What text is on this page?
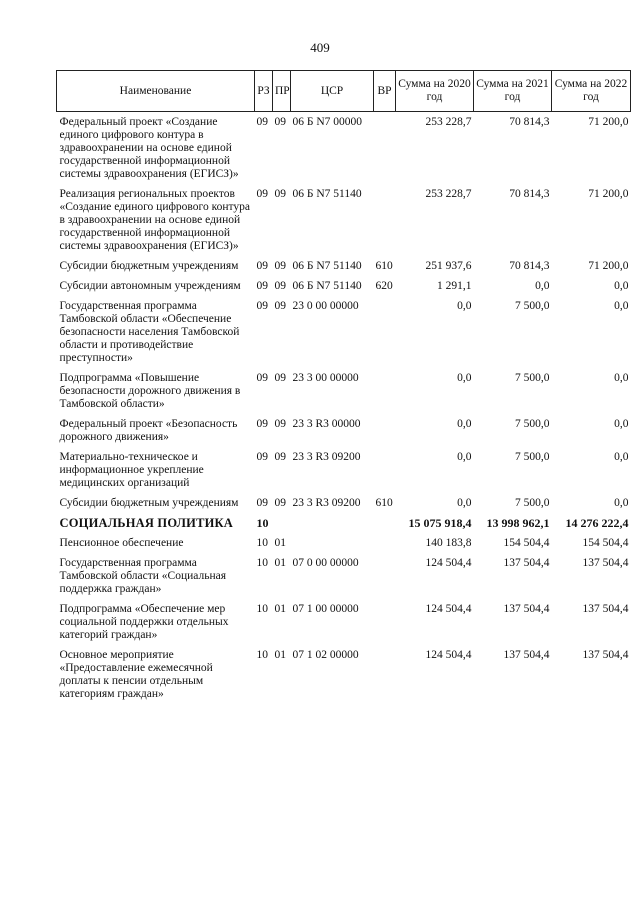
409
Наименование	РЗ	ПР	ЦСР	ВР	Сумма на 2020 год	Сумма на 2021 год	Сумма на 2022 год
Федеральный проект «Создание единого цифрового контура в здравоохранении на основе единой государственной информационной системы здравоохранения (ЕГИСЗ)»	09	09	06 Б N7 00000		253 228,7	70 814,3	71 200,0
Реализация региональных проектов «Создание единого цифрового контура в здравоохранении на основе единой государственной информационной системы здравоохранения (ЕГИСЗ)»	09	09	06 Б N7 51140		253 228,7	70 814,3	71 200,0
Субсидии бюджетным учреждениям	09	09	06 Б N7 51140	610	251 937,6	70 814,3	71 200,0
Субсидии автономным учреждениям	09	09	06 Б N7 51140	620	1 291,1	0,0	0,0
Государственная программа Тамбовской области «Обеспечение безопасности населения Тамбовской области и противодействие преступности»	09	09	23 0 00 00000		0,0	7 500,0	0,0
Подпрограмма «Повышение безопасности дорожного движения в Тамбовской области»	09	09	23 3 00 00000		0,0	7 500,0	0,0
Федеральный проект «Безопасность дорожного движения»	09	09	23 3 R3 00000		0,0	7 500,0	0,0
Материально-техническое и информационное укрепление медицинских организаций	09	09	23 3 R3 09200		0,0	7 500,0	0,0
Субсидии бюджетным учреждениям	09	09	23 3 R3 09200	610	0,0	7 500,0	0,0
СОЦИАЛЬНАЯ ПОЛИТИКА	10				15 075 918,4	13 998 962,1	14 276 222,4
Пенсионное обеспечение	10	01			140 183,8	154 504,4	154 504,4
Государственная программа Тамбовской области «Социальная поддержка граждан»	10	01	07 0 00 00000		124 504,4	137 504,4	137 504,4
Подпрограмма «Обеспечение мер социальной поддержки отдельных категорий граждан»	10	01	07 1 00 00000		124 504,4	137 504,4	137 504,4
Основное мероприятие «Предоставление ежемесячной доплаты к пенсии отдельным категориям граждан»	10	01	07 1 02 00000		124 504,4	137 504,4	137 504,4
